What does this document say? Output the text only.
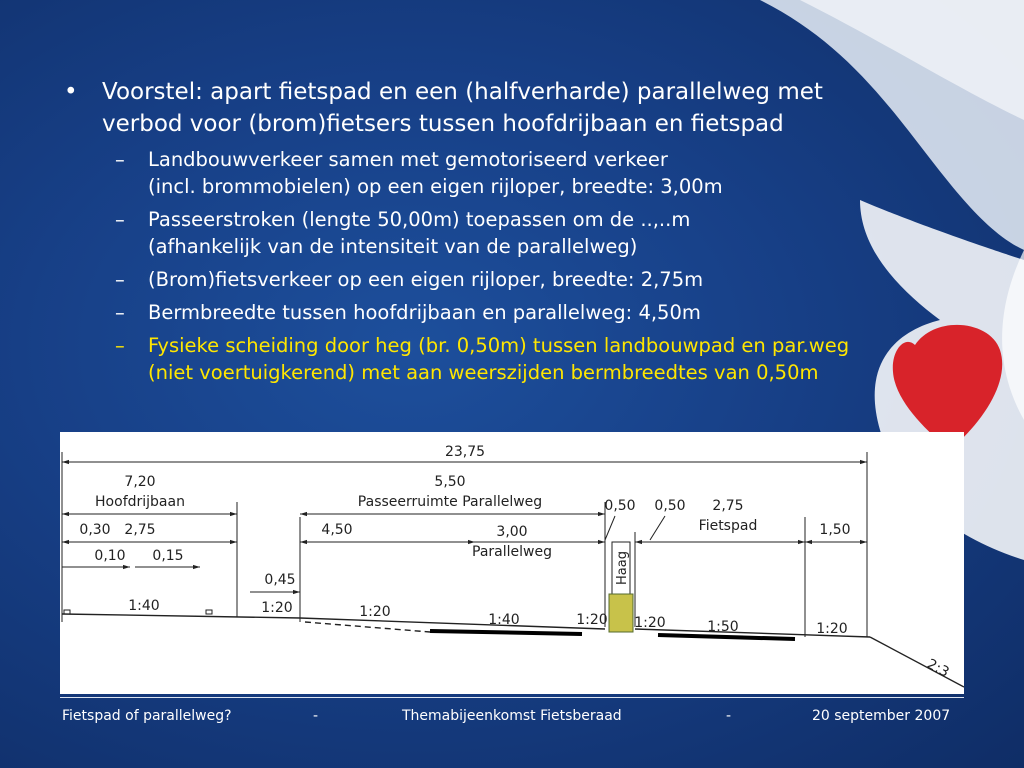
• Voorstel: apart fietspad en een (halfverharde) parallelweg met
verbod voor (brom)fietsers tussen hoofdrijbaan en fietspad
– Landbouwverkeer samen met gemotoriseerd verkeer
(incl. brommobielen) op een eigen rijloper, breedte: 3,00m
– Passeerstroken (lengte 50,00m) toepassen om de ..,..m
(afhankelijk van de intensiteit van de parallelweg)
– (Brom)fietsverkeer op een eigen rijloper, breedte: 2,75m
– Bermbreedte tussen hoofdrijbaan en parallelweg: 4,50m
– Fysieke scheiding door heg (br. 0,50m) tussen landbouwpad en par.weg
(niet voertuigkerend) met aan weerszijden bermbreedtes van 0,50m
23,75
7,20
Hoofdrijbaan
5,50
Passeerruimte Parallelweg
0,30 2,75
0,10 0,15
0,45
4,50	3,00
Parallelweg
0,50 0,50 2,75
Fietspad	1,50
Haag
1:40	1:20	1:20	1:40	1:20 1:20	1:50	1:20
2:3
Fietspad of parallelweg?	-	Themabijeenkomst Fietsberaad	-	20 september 2007
